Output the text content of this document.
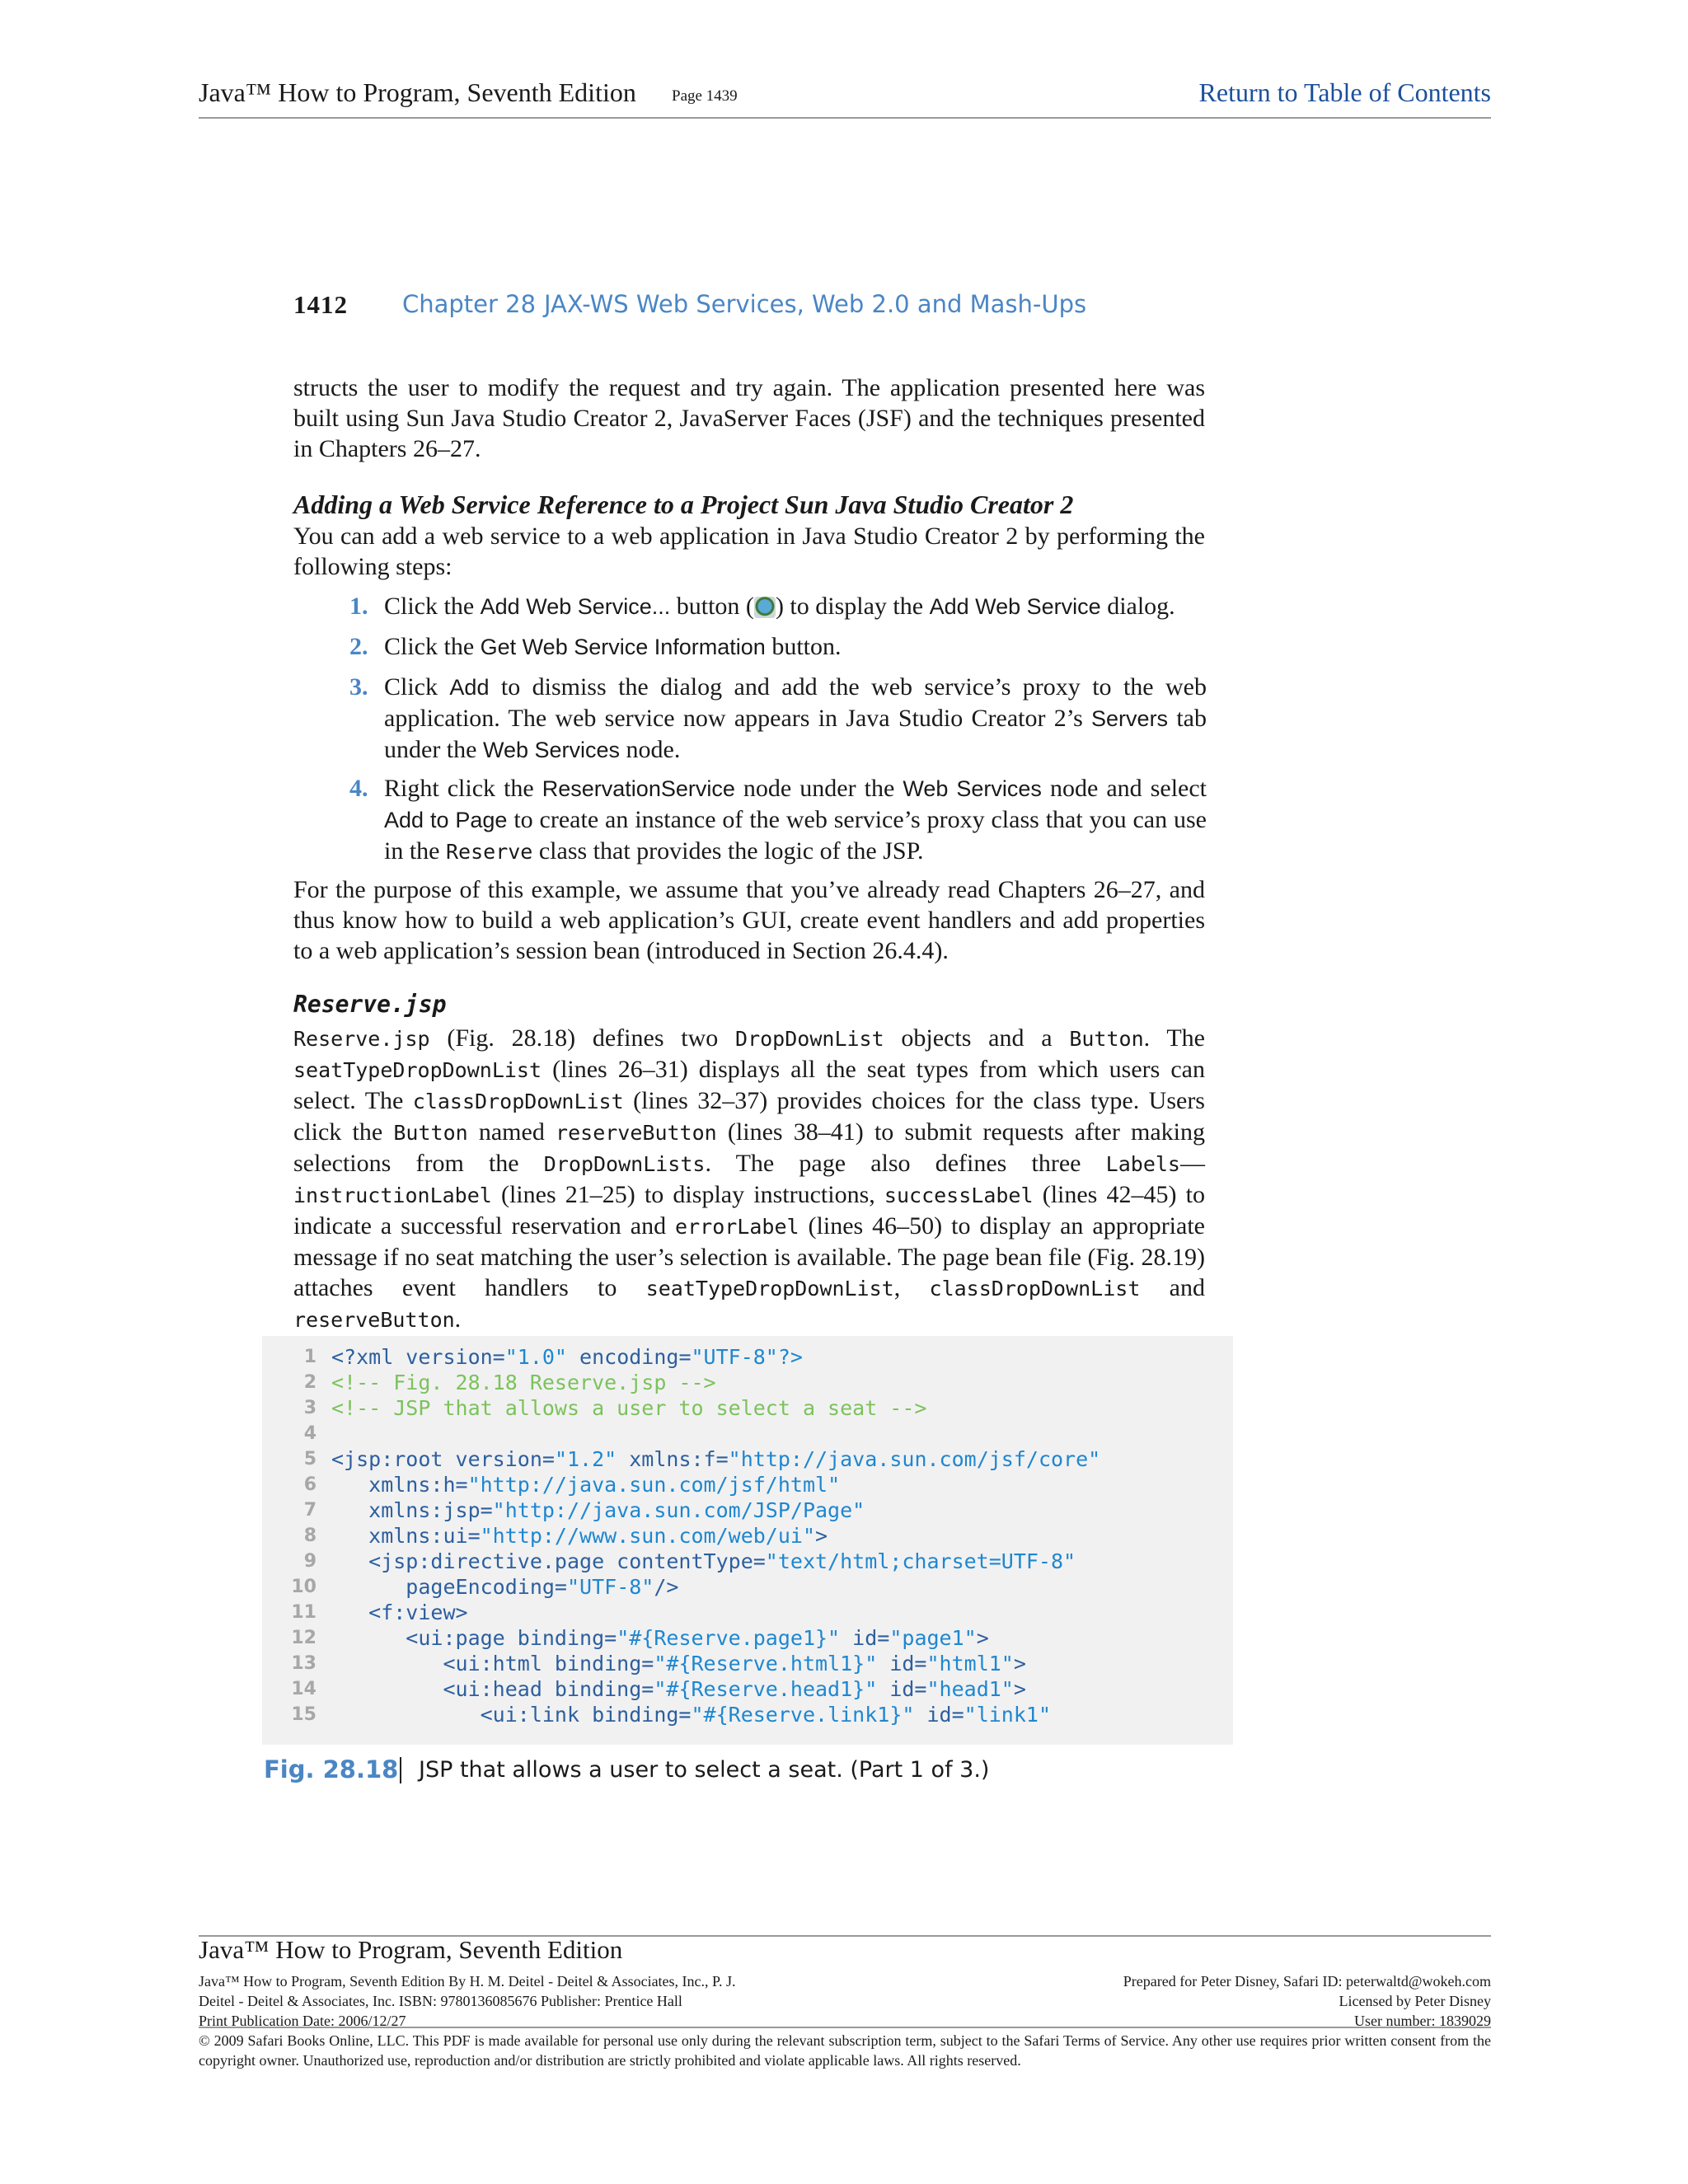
Java™ How to Program, Seventh Edition Page 1439	Return to Table of Contents
1412 Chapter 28 JAX-WS Web Services, Web 2.0 and Mash-Ups
structs the user to modify the request and try again. The application presented here was built using Sun Java Studio Creator 2, JavaServer Faces (JSF) and the techniques presented in Chapters 26–27.
Adding a Web Service Reference to a Project Sun Java Studio Creator 2
You can add a web service to a web application in Java Studio Creator 2 by performing the following steps:
1. Click the Add Web Service... button ( ) to display the Add Web Service dialog.
2. Click the Get Web Service Information button.
3. Click Add to dismiss the dialog and add the web service’s proxy to the web application. The web service now appears in Java Studio Creator 2’s Servers tab under the Web Services node.
4. Right click the ReservationService node under the Web Services node and select Add to Page to create an instance of the web service’s proxy class that you can use in the Reserve class that provides the logic of the JSP.
For the purpose of this example, we assume that you’ve already read Chapters 26–27, and thus know how to build a web application’s GUI, create event handlers and add properties to a web application’s session bean (introduced in Section 26.4.4).
Reserve.jsp
Reserve.jsp (Fig. 28.18) defines two DropDownList objects and a Button. The seatTypeDropDownList (lines 26–31) displays all the seat types from which users can select. The classDropDownList (lines 32–37) provides choices for the class type. Users click the Button named reserveButton (lines 38–41) to submit requests after making selections from the DropDownLists. The page also defines three Labels—instructionLabel (lines 21–25) to display instructions, successLabel (lines 42–45) to indicate a successful reservation and errorLabel (lines 46–50) to display an appropriate message if no seat matching the user’s selection is available. The page bean file (Fig. 28.19) attaches event handlers to seatTypeDropDownList, classDropDownList and reserveButton.
1 <?xml version="1.0" encoding="UTF-8"?>
2 <!-- Fig. 28.18 Reserve.jsp -->
3 <!-- JSP that allows a user to select a seat -->
4
5 <jsp:root version="1.2" xmlns:f="http://java.sun.com/jsf/core"
6 xmlns:h="http://java.sun.com/jsf/html"
7 xmlns:jsp="http://java.sun.com/JSP/Page"
8 xmlns:ui="http://www.sun.com/web/ui">
9 <jsp:directive.page contentType="text/html;charset=UTF-8"
10 pageEncoding="UTF-8"/>
11 <f:view>
12 <ui:page binding="#{Reserve.page1}" id="page1">
13 <ui:html binding="#{Reserve.html1}" id="html1">
14 <ui:head binding="#{Reserve.head1}" id="head1">
15 <ui:link binding="#{Reserve.link1}" id="link1"
Fig. 28.18 JSP that allows a user to select a seat. (Part 1 of 3.)
Java™ How to Program, Seventh Edition
Java™ How to Program, Seventh Edition By H. M. Deitel - Deitel & Associates, Inc., P. J.
Deitel - Deitel & Associates, Inc. ISBN: 9780136085676 Publisher: Prentice Hall
Print Publication Date: 2006/12/27
Prepared for Peter Disney, Safari ID: peterwaltd@wokeh.com
Licensed by Peter Disney
User number: 1839029
© 2009 Safari Books Online, LLC. This PDF is made available for personal use only during the relevant subscription term, subject to the Safari Terms of Service. Any other use requires prior written consent from the copyright owner. Unauthorized use, reproduction and/or distribution are strictly prohibited and violate applicable laws. All rights reserved.
